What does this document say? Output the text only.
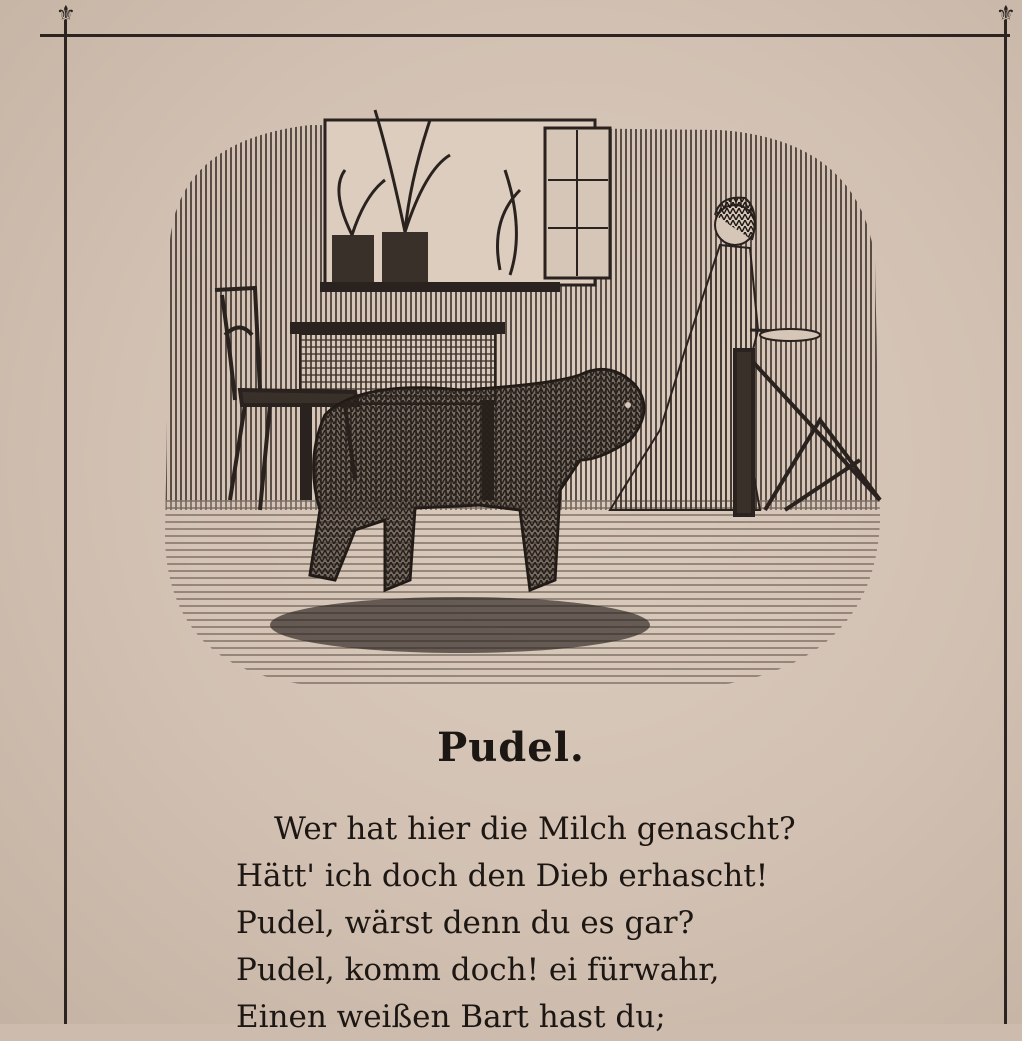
⚜	⚜
Pudel.
Wer hat hier die Milch genascht?
Hätt' ich doch den Dieb erhascht!
Pudel, wärst denn du es gar?
Pudel, komm doch! ei fürwahr,
Einen weißen Bart hast du;
